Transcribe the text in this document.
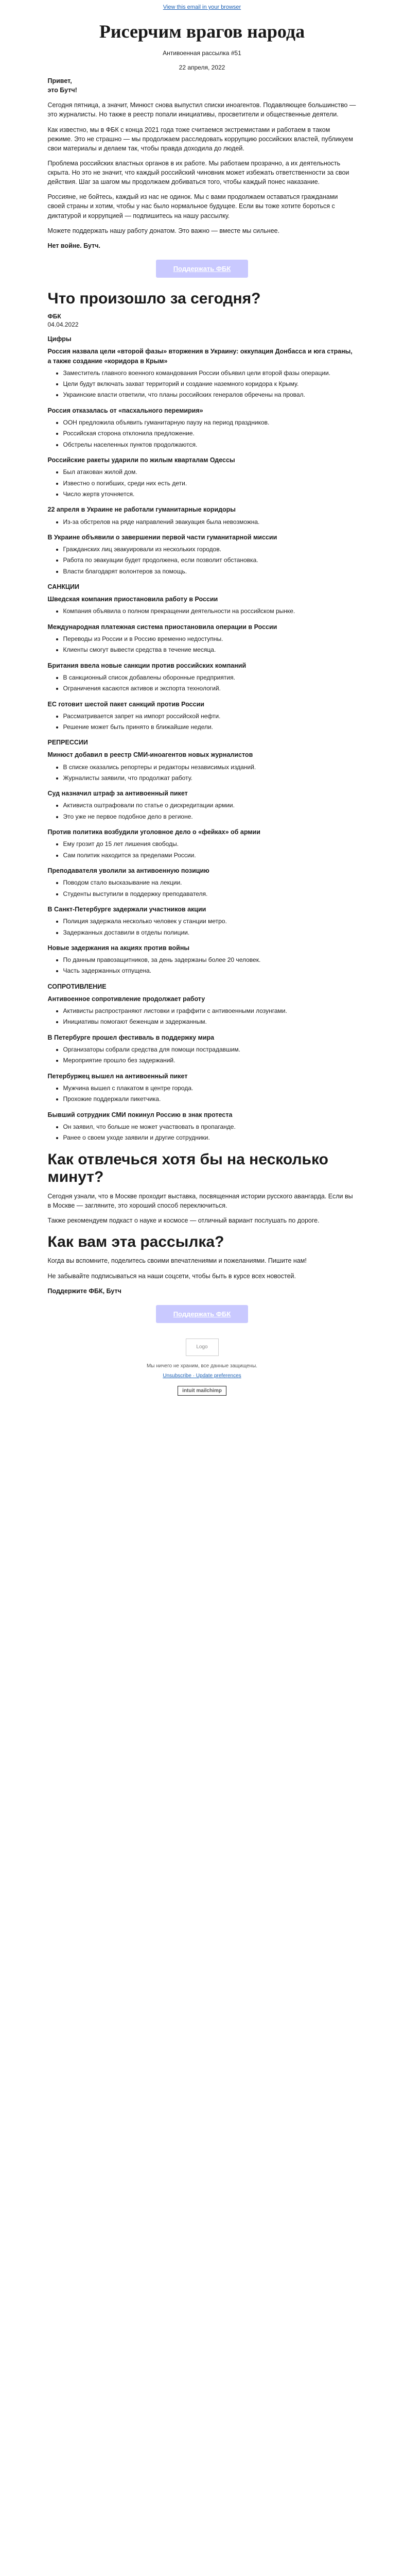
View this email in your browser
Рисерчим врагов народа

Антивоенная рассылка #51

22 апреля, 2022

Привет,
это Бутч!

Сегодня пятница, а значит, Минюст снова выпустил списки иноагентов. Подавляющее большинство — это журналисты. Но также в реестр попали инициативы, просветители и общественные деятели.

Как известно, мы в ФБК с конца 2021 года тоже считаемся экстремистами и работаем в таком режиме. Это не страшно — мы продолжаем расследовать коррупцию российских властей, публикуем свои материалы и делаем так, чтобы правда доходила до людей.

Проблема российских властных органов в их работе. Мы работаем прозрачно, а их деятельность скрыта. Но это не значит, что каждый российский чиновник может избежать ответственности за свои действия. Шаг за шагом мы продолжаем добиваться того, чтобы каждый понес наказание.

Россияне, не бойтесь, каждый из нас не одинок. Мы с вами продолжаем оставаться гражданами своей страны и хотим, чтобы у нас было нормальное будущее. Если вы тоже хотите бороться с диктатурой и коррупцией — подпишитесь на нашу рассылку.

Можете поддержать нашу работу донатом. Это важно — вместе мы сильнее.

Нет войне. Бутч.

Поддержать ФБК
Что произошло за сегодня?

ФБК

04.04.2022

Цифры

Россия назвала цели «второй фазы» вторжения в Украину: оккупация Донбасса и юга страны, а также создание «коридора в Крым»

• Заместитель главного военного командования России объявил цели второй фазы операции.
• Цели будут включать захват территорий и создание наземного коридора к Крыму.
• Украинские власти ответили, что планы российских генералов обречены на провал.

Россия отказалась от «пасхального перемирия»

• ООН предложила объявить гуманитарную паузу на период праздников.
• Российская сторона отклонила предложение.
• Обстрелы населенных пунктов продолжаются.

Российские ракеты ударили по жилым кварталам Одессы

• Был атакован жилой дом.
• Известно о погибших, среди них есть дети.
• Число жертв уточняется.

22 апреля в Украине не работали гуманитарные коридоры

• Из-за обстрелов на ряде направлений эвакуация была невозможна.

В Украине объявили о завершении первой части гуманитарной миссии

• Гражданских лиц эвакуировали из нескольких городов.
• Работа по эвакуации будет продолжена, если позволит обстановка.
• Власти благодарят волонтеров за помощь.

САНКЦИИ

Шведская компания приостановила работу в России

• Компания объявила о полном прекращении деятельности на российском рынке.

Международная платежная система приостановила операции в России

• Переводы из России и в Россию временно недоступны.
• Клиенты смогут вывести средства в течение месяца.

Британия ввела новые санкции против российских компаний

• В санкционный список добавлены оборонные предприятия.
• Ограничения касаются активов и экспорта технологий.

ЕС готовит шестой пакет санкций против России

• Рассматривается запрет на импорт российской нефти.
• Решение может быть принято в ближайшие недели.

РЕПРЕССИИ

Минюст добавил в реестр СМИ-иноагентов новых журналистов

• В списке оказались репортеры и редакторы независимых изданий.
• Журналисты заявили, что продолжат работу.

Суд назначил штраф за антивоенный пикет

• Активиста оштрафовали по статье о дискредитации армии.
• Это уже не первое подобное дело в регионе.

Против политика возбудили уголовное дело о «фейках» об армии

• Ему грозит до 15 лет лишения свободы.
• Сам политик находится за пределами России.

Преподавателя уволили за антивоенную позицию

• Поводом стало высказывание на лекции.
• Студенты выступили в поддержку преподавателя.

В Санкт-Петербурге задержали участников акции

• Полиция задержала несколько человек у станции метро.
• Задержанных доставили в отделы полиции.

Новые задержания на акциях против войны

• По данным правозащитников, за день задержаны более 20 человек.
• Часть задержанных отпущена.

СОПРОТИВЛЕНИЕ

Антивоенное сопротивление продолжает работу

• Активисты распространяют листовки и граффити с антивоенными лозунгами.
• Инициативы помогают беженцам и задержанным.

В Петербурге прошел фестиваль в поддержку мира

• Организаторы собрали средства для помощи пострадавшим.
• Мероприятие прошло без задержаний.

Петербуржец вышел на антивоенный пикет

• Мужчина вышел с плакатом в центре города.
• Прохожие поддержали пикетчика.

Бывший сотрудник СМИ покинул Россию в знак протеста

• Он заявил, что больше не может участвовать в пропаганде.
• Ранее о своем уходе заявили и другие сотрудники.
Как отвлечься хотя бы на несколько минут?

Сегодня узнали, что в Москве проходит выставка, посвященная истории русского авангарда. Если вы в Москве — загляните, это хороший способ переключиться.

Также рекомендуем подкаст о науке и космосе — отличный вариант послушать по дороге.

Как вам эта рассылка?

Когда вы вспомните, поделитесь своими впечатлениями и пожеланиями. Пишите нам!

Не забывайте подписываться на наши соцсети, чтобы быть в курсе всех новостей.

Поддержите ФБК, Бутч

Поддержать ФБК
Logo
Мы ничего не храним, все данные защищены.
Unsubscribe · Update preferences
intuit mailchimp
